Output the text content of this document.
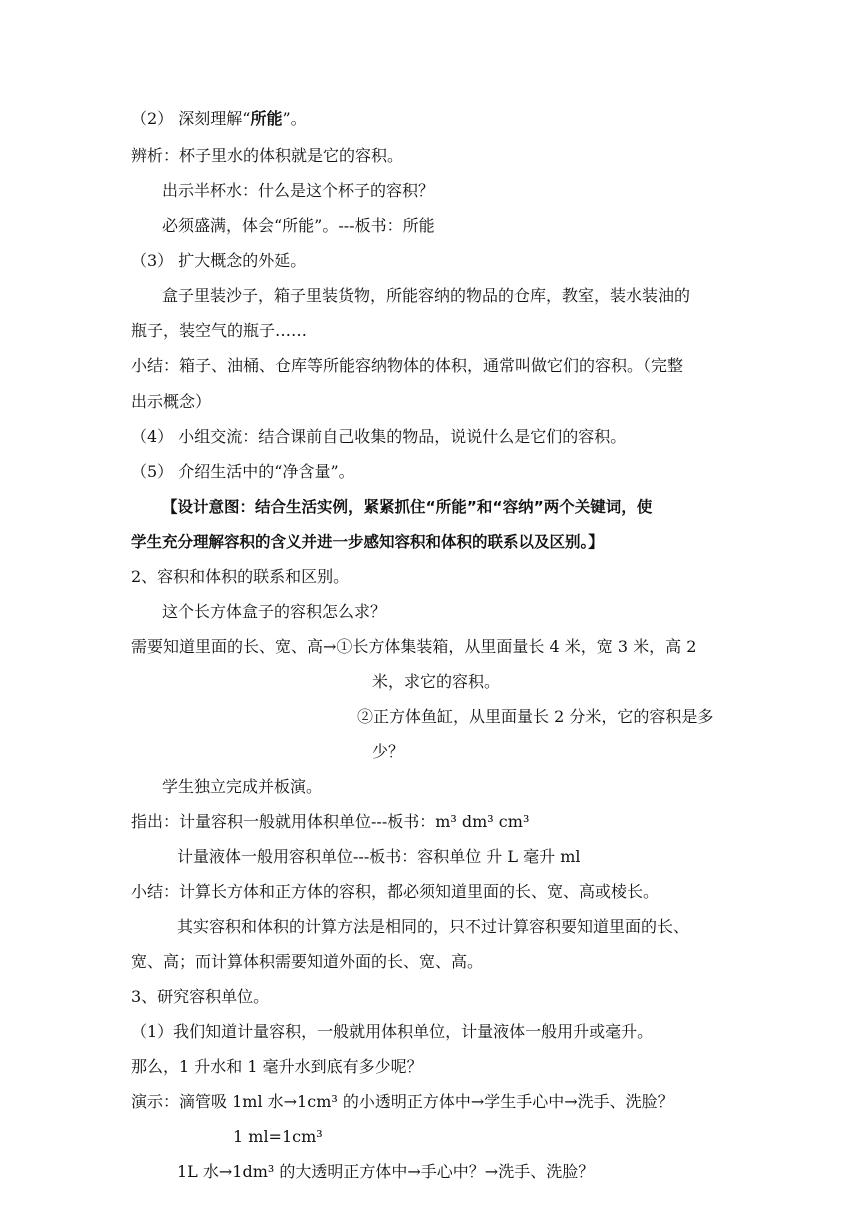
（2） 深刻理解“所能”。
辨析：杯子里水的体积就是它的容积。
出示半杯水：什么是这个杯子的容积？
必须盛满，体会“所能”。---板书：所能
（3） 扩大概念的外延。
盒子里装沙子，箱子里装货物，所能容纳的物品的仓库，教室，装水装油的
瓶子，装空气的瓶子……
小结：箱子、油桶、仓库等所能容纳物体的体积，通常叫做它们的容积。（完整
出示概念）
（4） 小组交流：结合课前自己收集的物品，说说什么是它们的容积。
（5） 介绍生活中的“净含量”。
【设计意图：结合生活实例，紧紧抓住“所能”和“容纳”两个关键词，使
学生充分理解容积的含义并进一步感知容积和体积的联系以及区别。】
2、容积和体积的联系和区别。
这个长方体盒子的容积怎么求？
需要知道里面的长、宽、高→①长方体集装箱，从里面量长 4 米，宽 3 米，高 2
米，求它的容积。
②正方体鱼缸，从里面量长 2 分米，它的容积是多
少？
学生独立完成并板演。
指出：计量容积一般就用体积单位---板书：m³ dm³ cm³
计量液体一般用容积单位---板书：容积单位 升 L 毫升 ml
小结：计算长方体和正方体的容积，都必须知道里面的长、宽、高或棱长。
其实容积和体积的计算方法是相同的，只不过计算容积要知道里面的长、
宽、高；而计算体积需要知道外面的长、宽、高。
3、研究容积单位。
（1）我们知道计量容积，一般就用体积单位，计量液体一般用升或毫升。
那么，1 升水和 1 毫升水到底有多少呢？
演示：滴管吸 1ml 水→1cm³ 的小透明正方体中→学生手心中→洗手、洗脸？
1 ml=1cm³
1L 水→1dm³ 的大透明正方体中→手心中？→洗手、洗脸？
